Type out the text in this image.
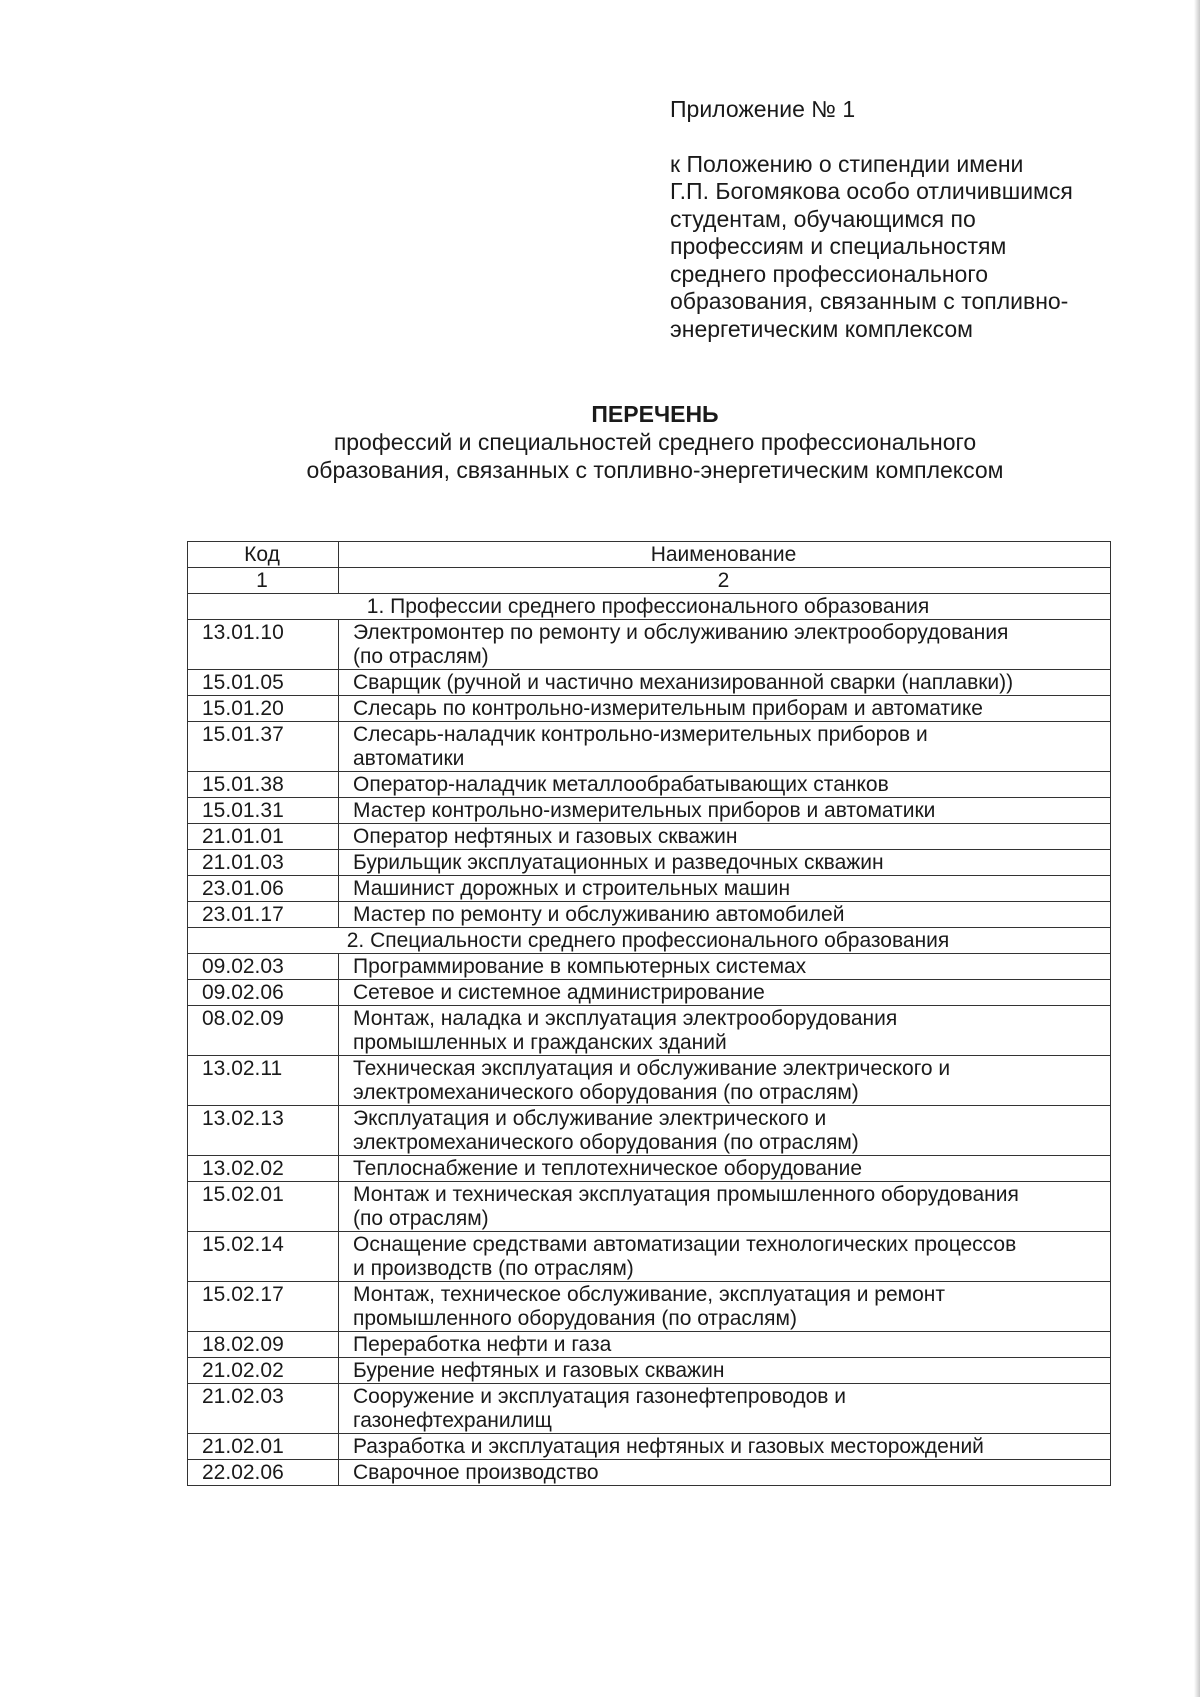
Приложение № 1

к Положению о стипендии имени
Г.П. Богомякова особо отличившимся
студентам, обучающимся по
профессиям и специальностям
среднего профессионального
образования, связанным с топливно-
энергетическим комплексом

ПЕРЕЧЕНЬ

профессий и специальностей среднего профессионального
образования, связанных с топливно-энергетическим комплексом

Код	Наименование
1	2
1. Профессии среднего профессионального образования	
13.01.10	Электромонтер по ремонту и обслуживанию электрооборудования
(по отраслям)
15.01.05	Сварщик (ручной и частично механизированной сварки (наплавки))
15.01.20	Слесарь по контрольно-измерительным приборам и автоматике
15.01.37	Слесарь-наладчик контрольно-измерительных приборов и
автоматики
15.01.38	Оператор-наладчик металлообрабатывающих станков
15.01.31	Мастер контрольно-измерительных приборов и автоматики
21.01.01	Оператор нефтяных и газовых скважин
21.01.03	Бурильщик эксплуатационных и разведочных скважин
23.01.06	Машинист дорожных и строительных машин
23.01.17	Мастер по ремонту и обслуживанию автомобилей
2. Специальности среднего профессионального образования	
09.02.03	Программирование в компьютерных системах
09.02.06	Сетевое и системное администрирование
08.02.09	Монтаж, наладка и эксплуатация электрооборудования
промышленных и гражданских зданий
13.02.11	Техническая эксплуатация и обслуживание электрического и
электромеханического оборудования (по отраслям)
13.02.13	Эксплуатация и обслуживание электрического и
электромеханического оборудования (по отраслям)
13.02.02	Теплоснабжение и теплотехническое оборудование
15.02.01	Монтаж и техническая эксплуатация промышленного оборудования
(по отраслям)
15.02.14	Оснащение средствами автоматизации технологических процессов
и производств (по отраслям)
15.02.17	Монтаж, техническое обслуживание, эксплуатация и ремонт
промышленного оборудования (по отраслям)
18.02.09	Переработка нефти и газа
21.02.02	Бурение нефтяных и газовых скважин
21.02.03	Сооружение и эксплуатация газонефтепроводов и
газонефтехранилищ
21.02.01	Разработка и эксплуатация нефтяных и газовых месторождений
22.02.06	Сварочное производство
